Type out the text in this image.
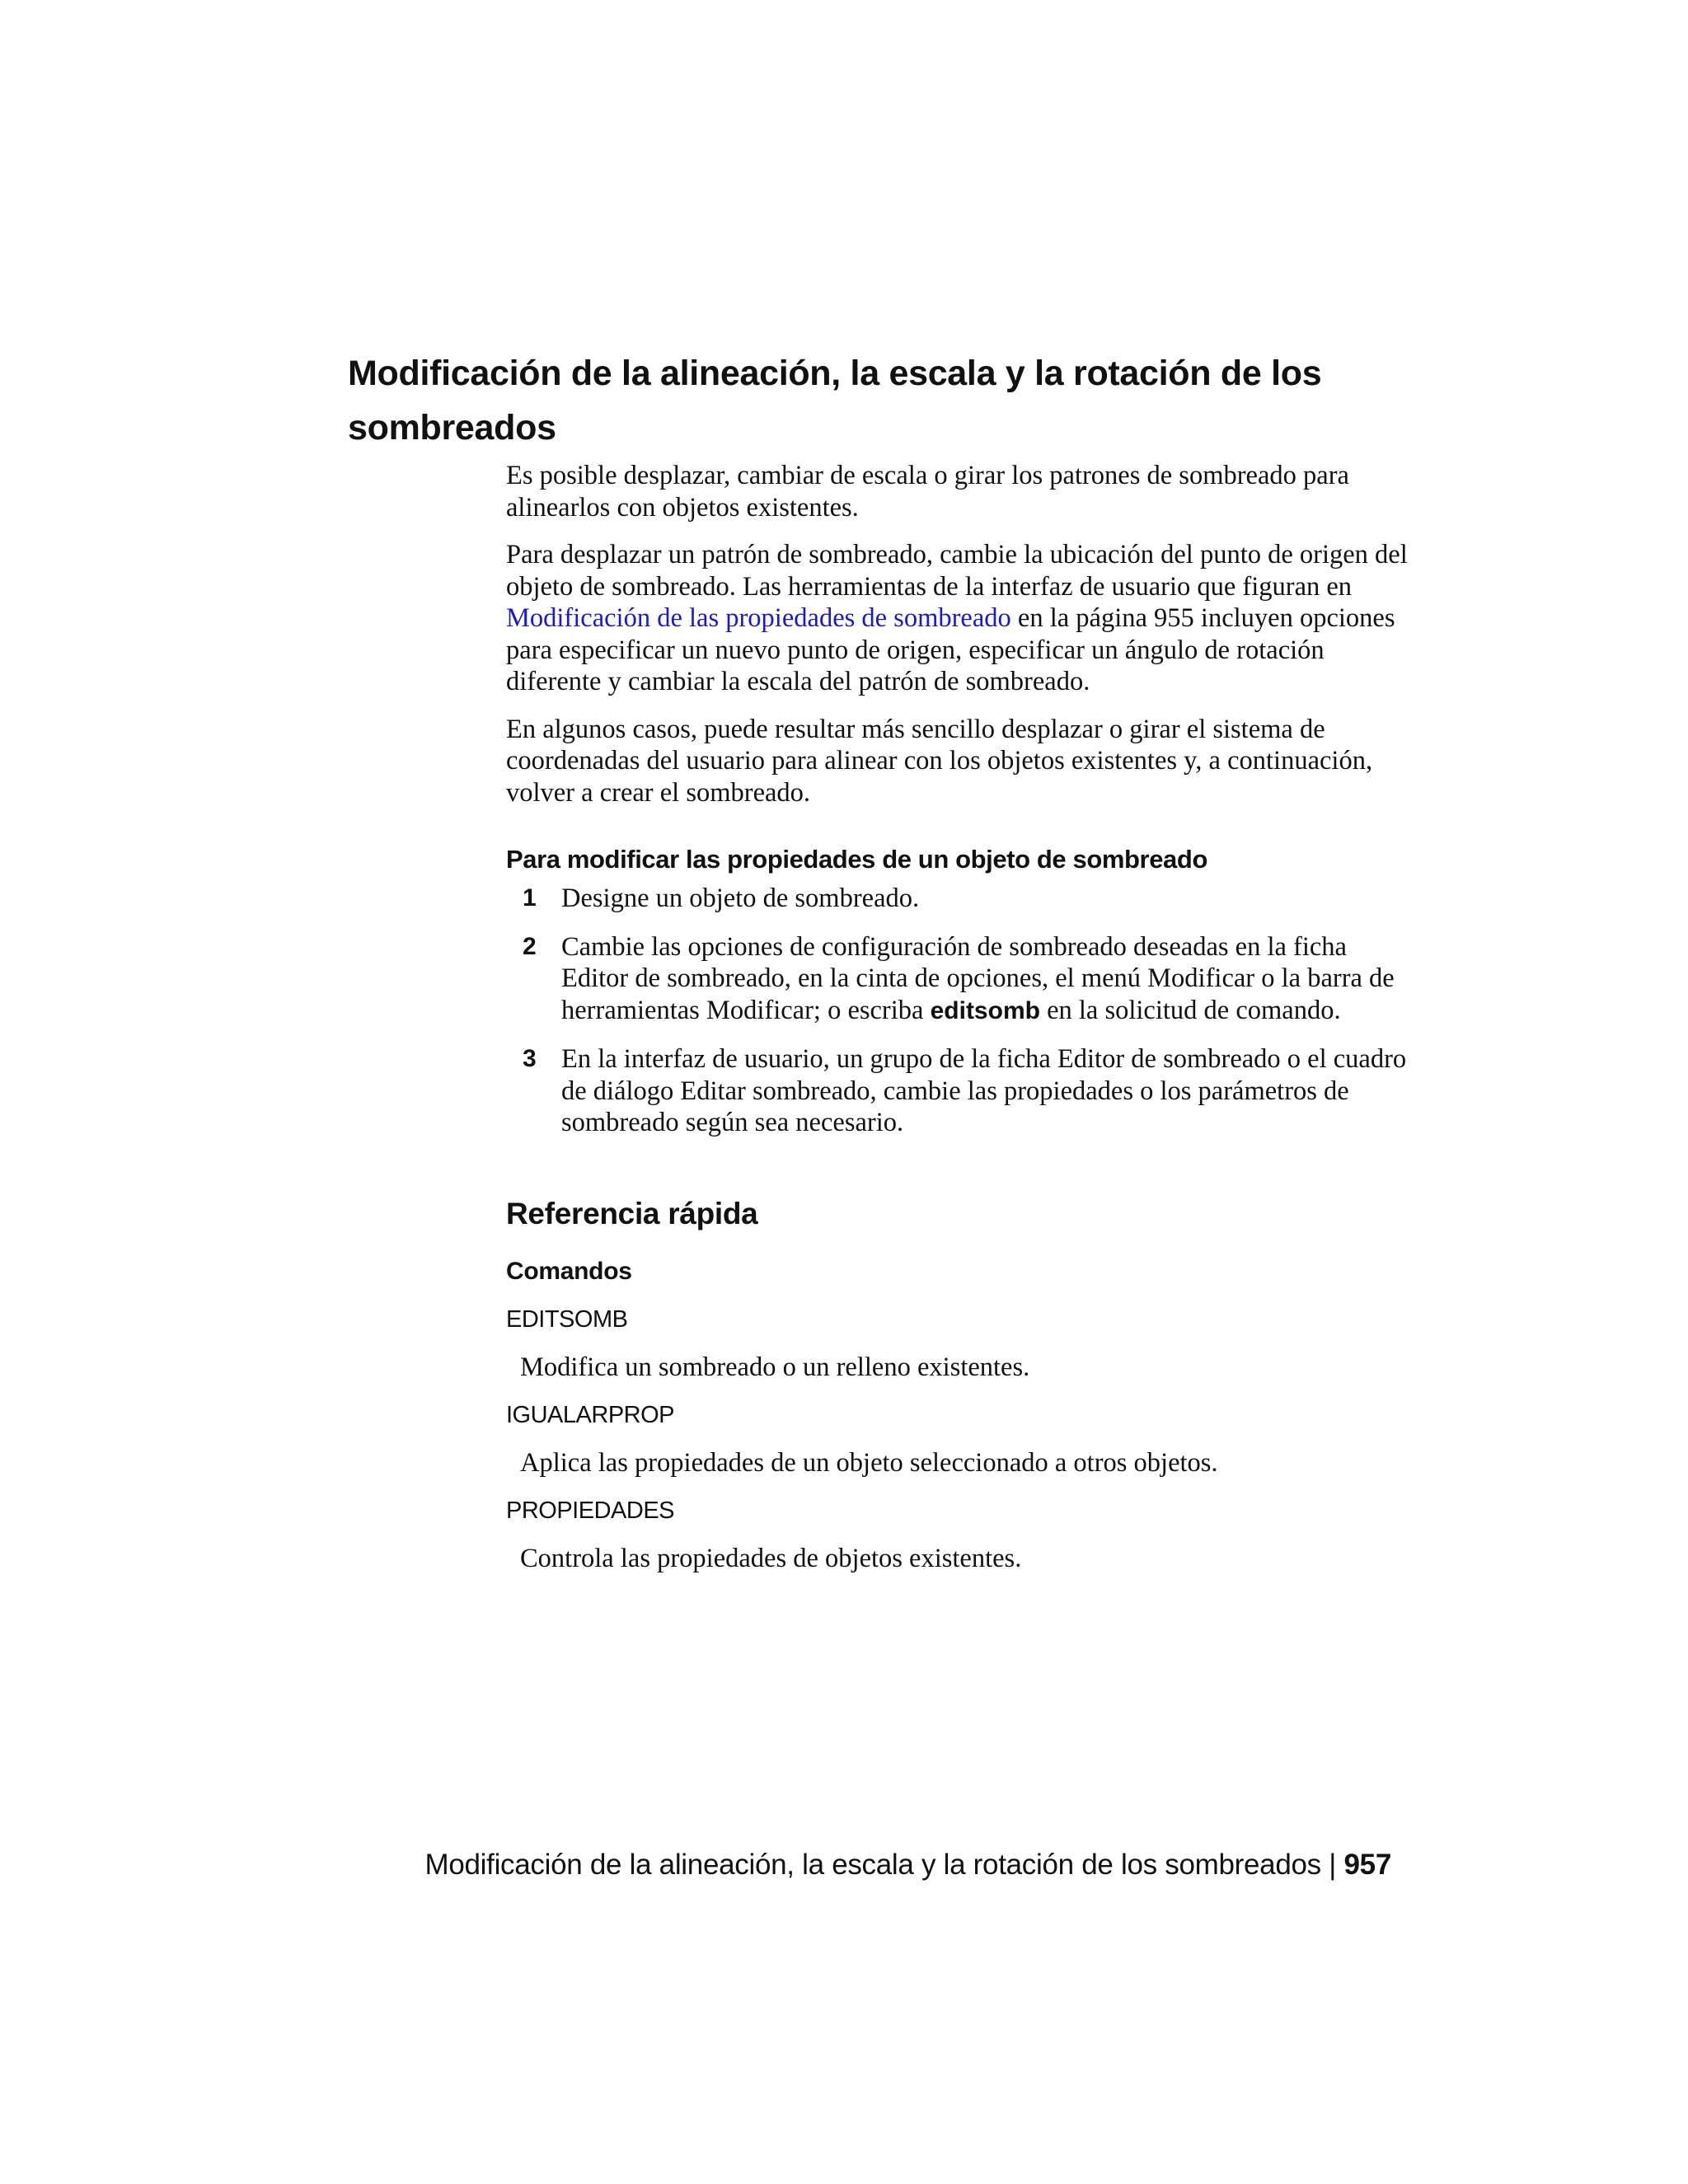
Modificación de la alineación, la escala y la rotación de los sombreados

Es posible desplazar, cambiar de escala o girar los patrones de sombreado para alinearlos con objetos existentes.

Para desplazar un patrón de sombreado, cambie la ubicación del punto de origen del objeto de sombreado. Las herramientas de la interfaz de usuario que figuran en Modificación de las propiedades de sombreado en la página 955 incluyen opciones para especificar un nuevo punto de origen, especificar un ángulo de rotación diferente y cambiar la escala del patrón de sombreado.

En algunos casos, puede resultar más sencillo desplazar o girar el sistema de coordenadas del usuario para alinear con los objetos existentes y, a continuación, volver a crear el sombreado.

Para modificar las propiedades de un objeto de sombreado
1 Designe un objeto de sombreado.
2 Cambie las opciones de configuración de sombreado deseadas en la ficha Editor de sombreado, en la cinta de opciones, el menú Modificar o la barra de herramientas Modificar; o escriba editsomb en la solicitud de comando.
3 En la interfaz de usuario, un grupo de la ficha Editor de sombreado o el cuadro de diálogo Editar sombreado, cambie las propiedades o los parámetros de sombreado según sea necesario.
Referencia rápida
Comandos
EDITSOMB
Modifica un sombreado o un relleno existentes.
IGUALARPROP
Aplica las propiedades de un objeto seleccionado a otros objetos.
PROPIEDADES
Controla las propiedades de objetos existentes.
Modificación de la alineación, la escala y la rotación de los sombreados | 957
